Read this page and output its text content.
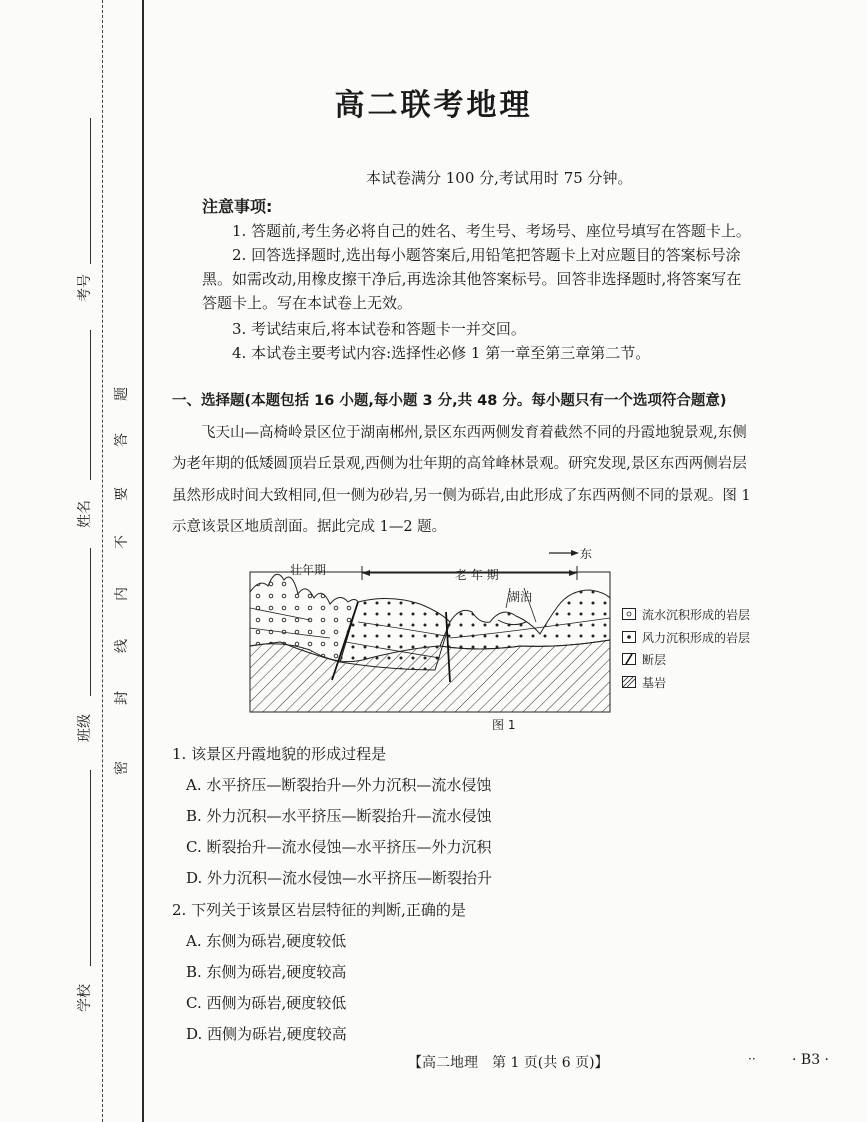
考号
姓名
班级
学校
题
答
要
不
内
线
封
密
高二联考地理
本试卷满分 100 分,考试用时 75 分钟。
注意事项:
1. 答题前,考生务必将自己的姓名、考生号、考场号、座位号填写在答题卡上。
2. 回答选择题时,选出每小题答案后,用铅笔把答题卡上对应题目的答案标号涂
黑。如需改动,用橡皮擦干净后,再选涂其他答案标号。回答非选择题时,将答案写在
答题卡上。写在本试卷上无效。
3. 考试结束后,将本试卷和答题卡一并交回。
4. 本试卷主要考试内容:选择性必修 1 第一章至第三章第二节。
一、选择题(本题包括 16 小题,每小题 3 分,共 48 分。每小题只有一个选项符合题意)
飞天山—高椅岭景区位于湖南郴州,景区东西两侧发育着截然不同的丹霞地貌景观,东侧
为老年期的低矮圆顶岩丘景观,西侧为壮年期的高耸峰林景观。研究发现,景区东西两侧岩层
虽然形成时间大致相同,但一侧为砂岩,另一侧为砾岩,由此形成了东西两侧不同的景观。图 1
示意该景区地质剖面。据此完成 1—2 题。
壮年期	老 年 期
东
湖泊
图 1
流水沉积形成的岩层
风力沉积形成的岩层
断层
基岩
1. 该景区丹霞地貌的形成过程是
A. 水平挤压—断裂抬升—外力沉积—流水侵蚀
B. 外力沉积—水平挤压—断裂抬升—流水侵蚀
C. 断裂抬升—流水侵蚀—水平挤压—外力沉积
D. 外力沉积—流水侵蚀—水平挤压—断裂抬升
2. 下列关于该景区岩层特征的判断,正确的是
A. 东侧为砾岩,硬度较低
B. 东侧为砾岩,硬度较高
C. 西侧为砾岩,硬度较低
D. 西侧为砾岩,硬度较高
【高二地理　第 1 页(共 6 页)】	··	· B3 ·
